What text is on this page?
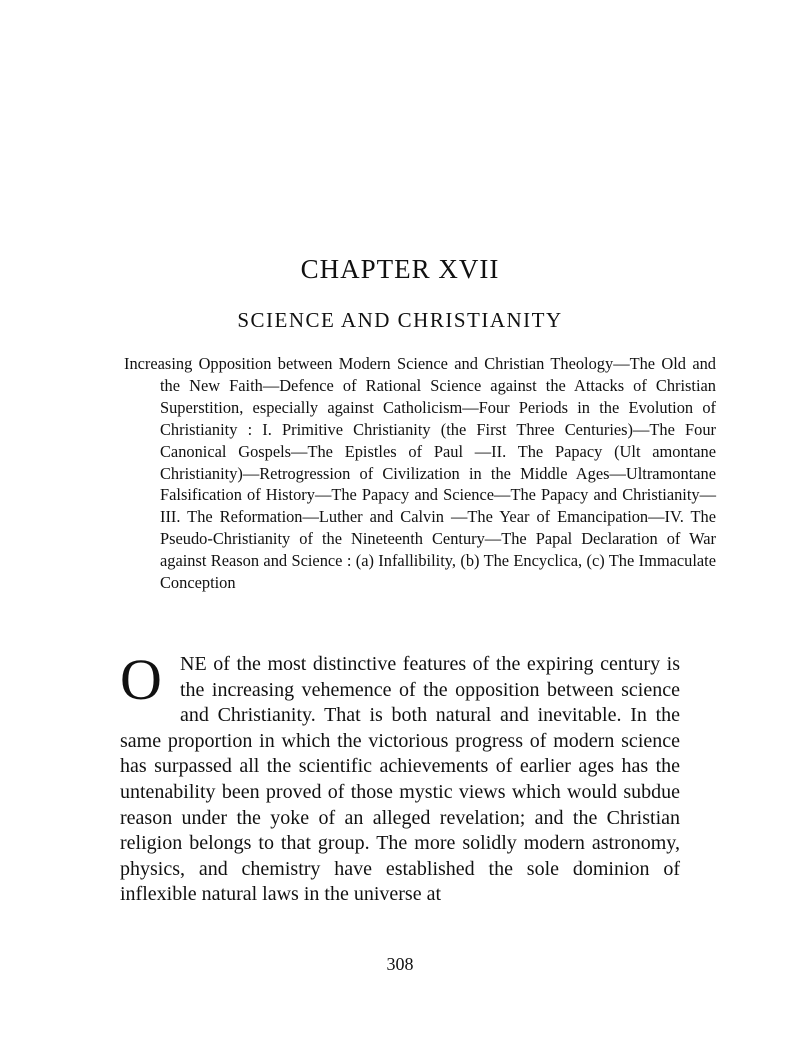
CHAPTER XVII
SCIENCE AND CHRISTIANITY

Increasing Opposition between Modern Science and Christian Theology—The Old and the New Faith—Defence of Rational Science against the Attacks of Christian Superstition, especially against Catholicism—Four Periods in the Evolution of Christianity : I. Primitive Christianity (the First Three Centuries)—The Four Canonical Gospels—The Epistles of Paul —II. The Papacy (Ult amontane Christianity)—Retrogression of Civilization in the Middle Ages—Ultramontane Falsification of History—The Papacy and Science—The Papacy and Christianity—III. The Reformation—Luther and Calvin —The Year of Emancipation—IV. The Pseudo-Christianity of the Nineteenth Century—The Papal Declaration of War against Reason and Science : (a) Infallibility, (b) The Encyclica, (c) The Immaculate Conception

O NE of the most distinctive features of the expiring century is the increasing vehemence of the opposition between science and Christianity. That is both natural and inevitable. In the same proportion in which the victorious progress of modern science has surpassed all the scientific achievements of earlier ages has the untenability been proved of those mystic views which would subdue reason under the yoke of an alleged revelation; and the Christian religion belongs to that group. The more solidly modern astronomy, physics, and chemistry have established the sole dominion of inflexible natural laws in the universe at
308
